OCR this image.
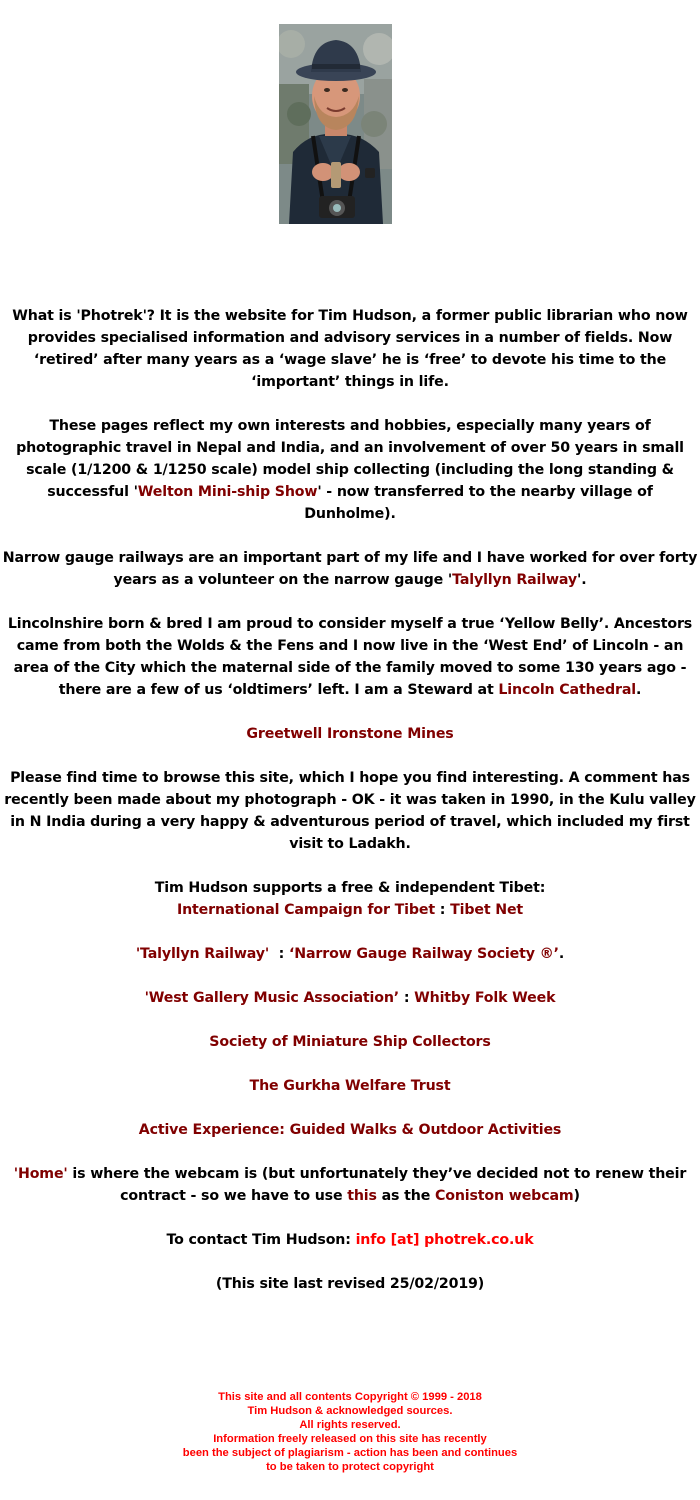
What is 'Photrek'? It is the website for Tim Hudson, a former public librarian who now provides specialised information and advisory services in a number of fields. Now ‘retired’ after many years as a ‘wage slave’ he is ‘free’ to devote his time to the ‘important’ things in life.

These pages reflect my own interests and hobbies, especially many years of photographic travel in Nepal and India, and an involvement of over 50 years in small scale (1/1200 & 1/1250 scale) model ship collecting (including the long standing & successful 'Welton Mini-ship Show' - now transferred to the nearby village of Dunholme).

Narrow gauge railways are an important part of my life and I have worked for over forty years as a volunteer on the narrow gauge 'Talyllyn Railway'.

Lincolnshire born & bred I am proud to consider myself a true ‘Yellow Belly’. Ancestors came from both the Wolds & the Fens and I now live in the ‘West End’ of Lincoln - an area of the City which the maternal side of the family moved to some 130 years ago - there are a few of us ‘oldtimers’ left. I am a Steward at Lincoln Cathedral.

Greetwell Ironstone Mines

Please find time to browse this site, which I hope you find interesting. A comment has recently been made about my photograph - OK - it was taken in 1990, in the Kulu valley in N India during a very happy & adventurous period of travel, which included my first visit to Ladakh.

Tim Hudson supports a free & independent Tibet:
International Campaign for Tibet : Tibet Net

'Talyllyn Railway'  : ‘Narrow Gauge Railway Society ®’.

'West Gallery Music Association’ : Whitby Folk Week

Society of Miniature Ship Collectors

The Gurkha Welfare Trust

Active Experience: Guided Walks & Outdoor Activities

'Home' is where the webcam is (but unfortunately they’ve decided not to renew their contract - so we have to use this as the Coniston webcam)

To contact Tim Hudson: info [at] photrek.co.uk

(This site last revised 25/02/2019)

This site and all contents Copyright © 1999 - 2018
Tim Hudson & acknowledged sources.
All rights reserved.
Information freely released on this site has recently
been the subject of plagiarism - action has been and continues
to be taken to protect copyright
